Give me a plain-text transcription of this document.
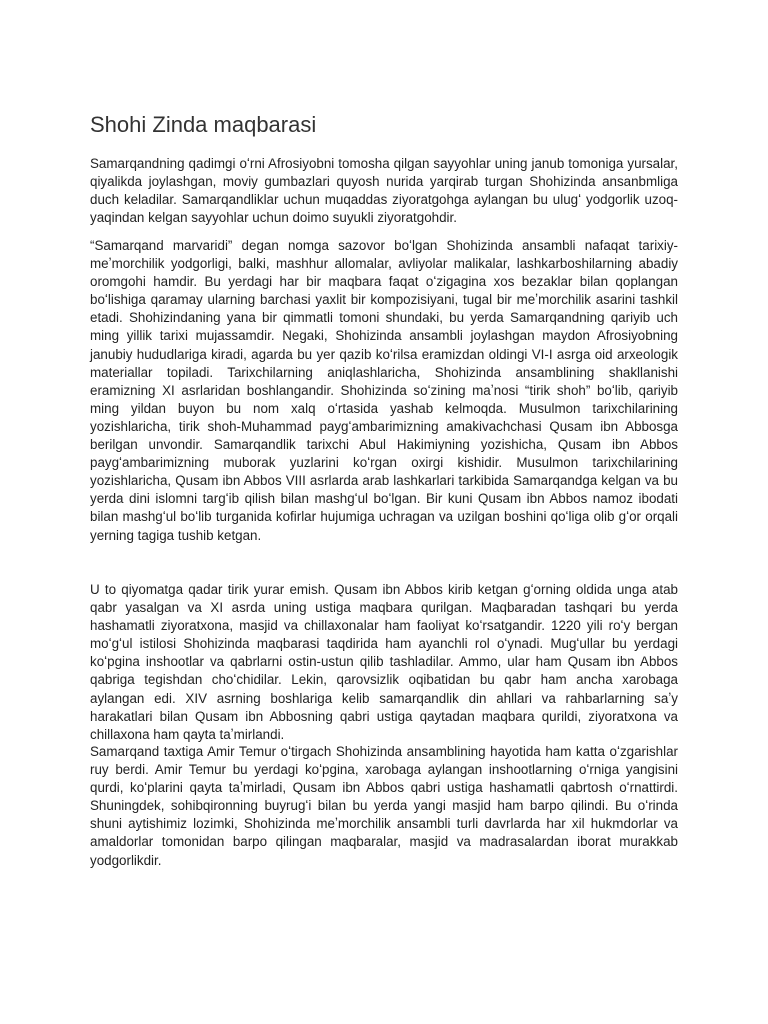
Shohi Zinda maqbarasi

Samarqandning qadimgi oʻrni Afrosiyobni tomosha qilgan sayyohlar uning janub tomoniga yursalar, qiyalikda joylashgan, moviy gumbazlari quyosh nurida yarqirab turgan Shohizinda ansanbmliga duch keladilar. Samarqandliklar uchun muqaddas ziyoratgohga aylangan bu ulugʻ yodgorlik uzoq-yaqindan kelgan sayyohlar uchun doimo suyukli ziyoratgohdir.

“Samarqand marvaridi” degan nomga sazovor boʻlgan Shohizinda ansambli nafaqat tarixiy-meʼmorchilik yodgorligi, balki, mashhur allomalar, avliyolar malikalar, lashkarboshilarning abadiy oromgohi hamdir. Bu yerdagi har bir maqbara faqat oʻzigagina xos bezaklar bilan qoplangan boʻlishiga qaramay ularning barchasi yaxlit bir kompozisiyani, tugal bir meʼmorchilik asarini tashkil etadi. Shohizindaning yana bir qimmatli tomoni shundaki, bu yerda Samarqandning qariyib uch ming yillik tarixi mujassamdir. Negaki, Shohizinda ansambli joylashgan maydon Afrosiyobning janubiy hududlariga kiradi, agarda bu yer qazib koʻrilsa eramizdan oldingi VI-I asrga oid arxeologik materiallar topiladi. Tarixchilarning aniqlashlaricha, Shohizinda ansamblining shakllanishi eramizning XI asrlaridan boshlangandir. Shohizinda soʻzining maʼnosi “tirik shoh” boʻlib, qariyib ming yildan buyon bu nom xalq oʻrtasida yashab kelmoqda. Musulmon tarixchilarining yozishlaricha, tirik shoh-Muhammad paygʻambarimizning amakivachchasi Qusam ibn Abbosga berilgan unvondir. Samarqandlik tarixchi Abul Hakimiyning yozishicha, Qusam ibn Abbos paygʻambarimizning muborak yuzlarini koʻrgan oxirgi kishidir. Musulmon tarixchilarining yozishlaricha, Qusam ibn Abbos VIII asrlarda arab lashkarlari tarkibida Samarqandga kelgan va bu yerda dini islomni targʻib qilish bilan mashgʻul boʻlgan. Bir kuni Qusam ibn Abbos namoz ibodati bilan mashgʻul boʻlib turganida kofirlar hujumiga uchragan va uzilgan boshini qoʻliga olib gʻor orqali yerning tagiga tushib ketgan.

U to qiyomatga qadar tirik yurar emish. Qusam ibn Abbos kirib ketgan gʻorning oldida unga atab qabr yasalgan va XI asrda uning ustiga maqbara qurilgan. Maqbaradan tashqari bu yerda hashamatli ziyoratxona, masjid va chillaxonalar ham faoliyat koʻrsatgandir. 1220 yili roʻy bergan moʻgʻul istilosi Shohizinda maqbarasi taqdirida ham ayanchli rol oʻynadi. Mugʻullar bu yerdagi koʻpgina inshootlar va qabrlarni ostin-ustun qilib tashladilar. Ammo, ular ham Qusam ibn Abbos qabriga tegishdan choʻchidilar. Lekin, qarovsizlik oqibatidan bu qabr ham ancha xarobaga aylangan edi. XIV asrning boshlariga kelib samarqandlik din ahllari va rahbarlarning saʼy harakatlari bilan Qusam ibn Abbosning qabri ustiga qaytadan maqbara qurildi, ziyoratxona va chillaxona ham qayta taʼmirlandi.

Samarqand taxtiga Amir Temur oʻtirgach Shohizinda ansamblining hayotida ham katta oʻzgarishlar ruy berdi. Amir Temur bu yerdagi koʻpgina, xarobaga aylangan inshootlarning oʻrniga yangisini qurdi, koʻplarini qayta taʼmirladi, Qusam ibn Abbos qabri ustiga hashamatli qabrtosh oʻrnattirdi. Shuningdek, sohibqironning buyrugʻi bilan bu yerda yangi masjid ham barpo qilindi. Bu oʻrinda shuni aytishimiz lozimki, Shohizinda meʼmorchilik ansambli turli davrlarda har xil hukmdorlar va amaldorlar tomonidan barpo qilingan maqbaralar, masjid va madrasalardan iborat murakkab yodgorlikdir.
